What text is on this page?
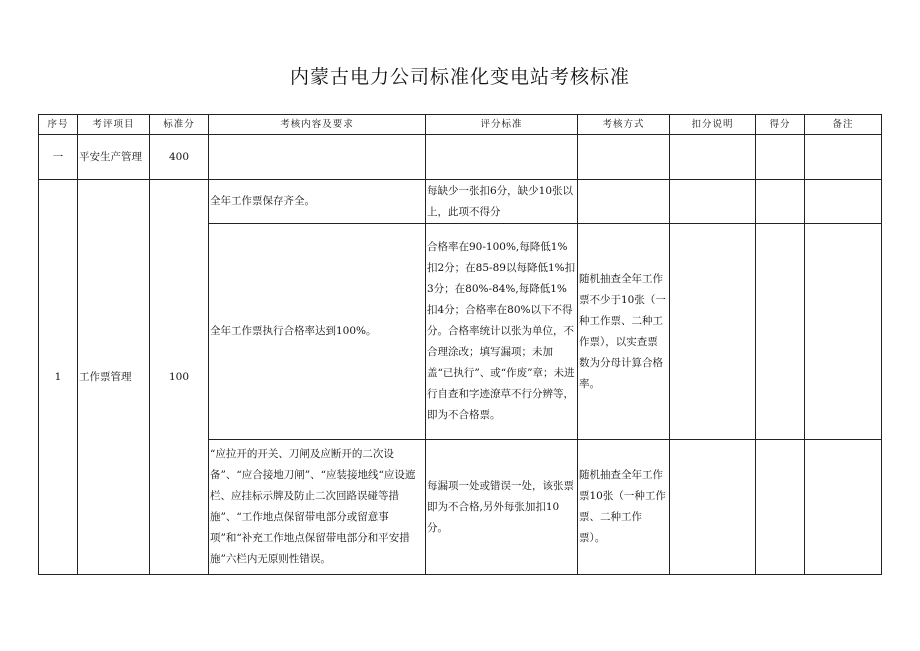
内蒙古电力公司标准化变电站考核标准
序号	考评项目	标准分	考核内容及要求	评分标准	考核方式	扣分说明	得分	备注
一	平安生产管理	400						
1	工作票管理	100	全年工作票保存齐全。	每缺少一张扣6分，缺少10张以上，此项不得分				
			全年工作票执行合格率达到100%。	合格率在90-100%,每降低1%扣2分；在85-89以每降低1%扣3分；在80%-84%,每降低1%扣4分；合格率在80%以下不得分。合格率统计以张为单位，不合理涂改；填写漏项；未加盖“已执行”、或“作废”章；未进行自查和字迹潦草不行分辨等，即为不合格票。	随机抽查全年工作票不少于10张（一种工作票、二种工作票），以实查票数为分母计算合格率。			
			“应拉开的开关、刀闸及应断开的二次设备”、“应合接地刀闸”、“应装接地线“应设遮栏、应挂标示牌及防止二次回路误碰等措施”、“工作地点保留带电部分或留意事项”和“补充工作地点保留带电部分和平安措施”六栏内无原则性错误。	每漏项一处或错误一处，该张票即为不合格,另外每张加扣10分。	随机抽查全年工作票10张（一种工作票、二种工作票）。			
